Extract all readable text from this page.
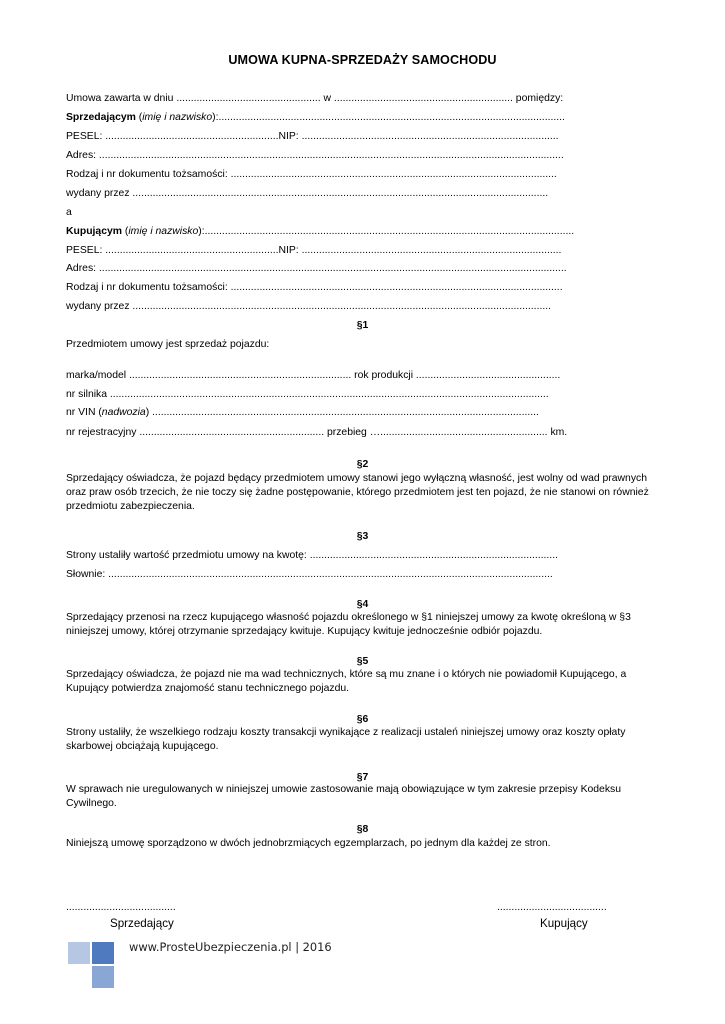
UMOWA KUPNA-SPRZEDAŻY SAMOCHODU
Umowa zawarta w dniu .................................................. w .............................................................. pomiędzy:
Sprzedającym (imię i nazwisko):........................................................................................................................
PESEL: ............................................................NIP: .........................................................................................
Adres: .................................................................................................................................................................
Rodzaj i nr dokumentu tożsamości: .................................................................................................................
wydany przez ................................................................................................................................................
a
Kupującym (imię i nazwisko):................................................................................................................................
PESEL: ............................................................NIP: ..........................................................................................
Adres: ..................................................................................................................................................................
Rodzaj i nr dokumentu tożsamości: ...................................................................................................................
wydany przez .................................................................................................................................................
§1
Przedmiotem umowy jest sprzedaż pojazdu:
marka/model ............................................................................. rok produkcji ..................................................
nr silnika ........................................................................................................................................................
nr VIN (nadwozia) ......................................................................................................................................
nr rejestracyjny ................................................................ przebieg ….......................................................... km.
§2
Sprzedający oświadcza, że pojazd będący przedmiotem umowy stanowi jego wyłączną własność, jest wolny od wad prawnych oraz praw osób trzecich, że nie toczy się żadne postępowanie, którego przedmiotem jest ten pojazd, że nie stanowi on również przedmiotu zabezpieczenia.
§3
Strony ustaliły wartość przedmiotu umowy na kwotę: ......................................................................................
Słownie: ..........................................................................................................................................................
§4
Sprzedający przenosi na rzecz kupującego własność pojazdu określonego w §1 niniejszej umowy za kwotę określoną w §3 niniejszej umowy, której otrzymanie sprzedający kwituje. Kupujący kwituje jednocześnie odbiór pojazdu.
§5
Sprzedający oświadcza, że pojazd nie ma wad technicznych, które są mu znane i o których nie powiadomił Kupującego, a Kupujący potwierdza znajomość stanu technicznego pojazdu.
§6
Strony ustaliły, że wszelkiego rodzaju koszty transakcji wynikające z realizacji ustaleń niniejszej umowy oraz koszty opłaty skarbowej obciążają kupującego.
§7
W sprawach nie uregulowanych w niniejszej umowie zastosowanie mają obowiązujące w tym zakresie przepisy Kodeksu Cywilnego.
§8
Niniejszą umowę sporządzono w dwóch jednobrzmiących egzemplarzach, po jednym dla każdej ze stron.
......................................
Sprzedający
......................................
Kupujący
www.ProsteUbezpieczenia.pl | 2016
